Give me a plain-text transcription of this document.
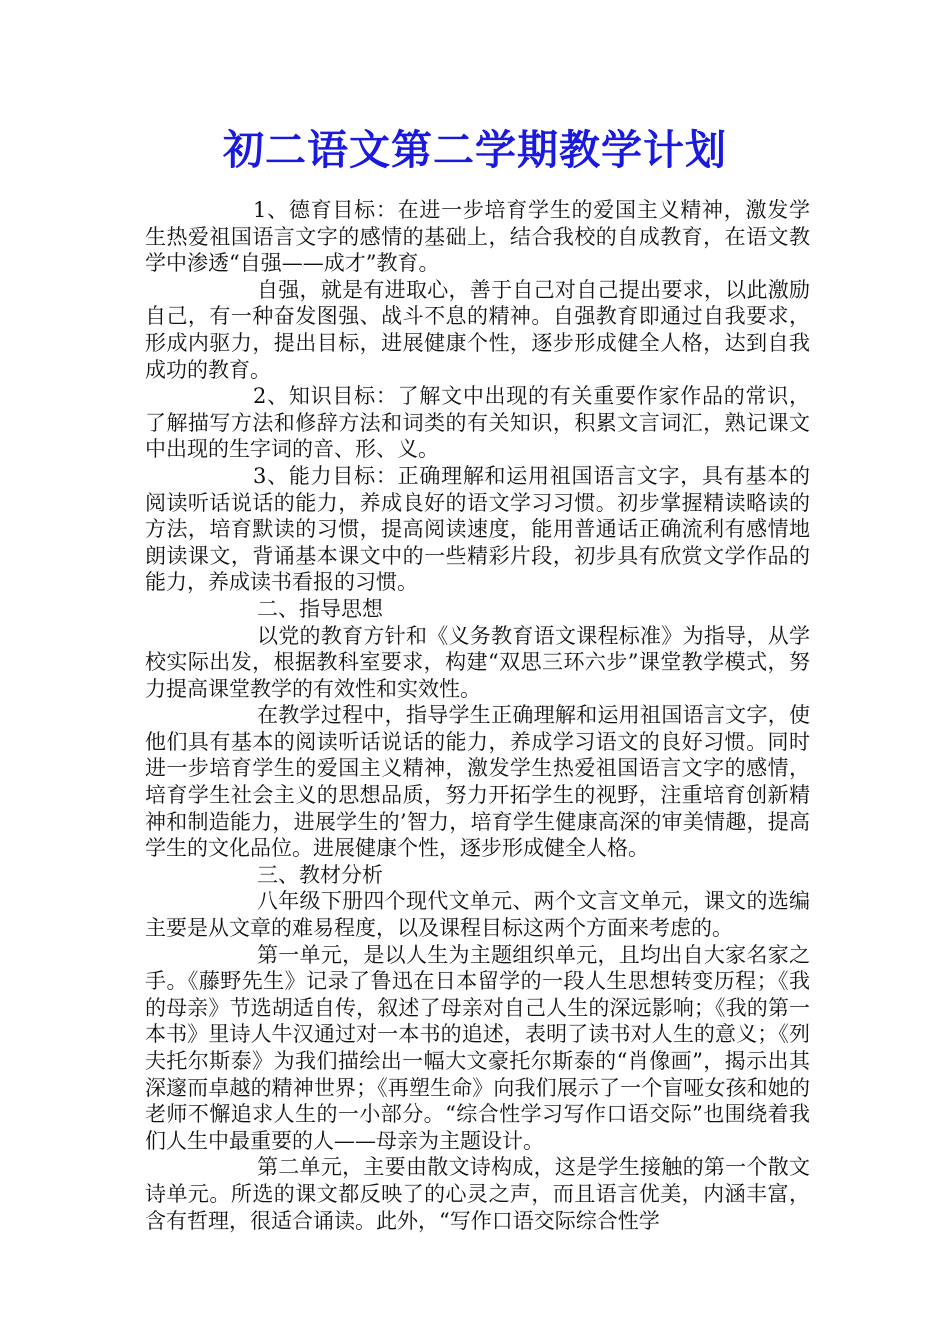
初二语文第二学期教学计划

1、德育目标：在进一步培育学生的爱国主义精神，激发学生热爱祖国语言文字的感情的基础上，结合我校的自成教育，在语文教学中渗透“自强——成才”教育。

自强，就是有进取心，善于自己对自己提出要求，以此激励自己，有一种奋发图强、战斗不息的精神。自强教育即通过自我要求，形成内驱力，提出目标，进展健康个性，逐步形成健全人格，达到自我成功的教育。

2、知识目标：了解文中出现的有关重要作家作品的常识，了解描写方法和修辞方法和词类的有关知识，积累文言词汇，熟记课文中出现的生字词的音、形、义。

3、能力目标：正确理解和运用祖国语言文字，具有基本的阅读听话说话的能力，养成良好的语文学习习惯。初步掌握精读略读的方法，培育默读的习惯，提高阅读速度，能用普通话正确流利有感情地朗读课文，背诵基本课文中的一些精彩片段，初步具有欣赏文学作品的能力，养成读书看报的习惯。

二、指导思想

以党的教育方针和《义务教育语文课程标准》为指导，从学校实际出发，根据教科室要求，构建“双思三环六步”课堂教学模式，努力提高课堂教学的有效性和实效性。

在教学过程中，指导学生正确理解和运用祖国语言文字，使他们具有基本的阅读听话说话的能力，养成学习语文的良好习惯。同时进一步培育学生的爱国主义精神，激发学生热爱祖国语言文字的感情，培育学生社会主义的思想品质，努力开拓学生的视野，注重培育创新精神和制造能力，进展学生的’智力，培育学生健康高深的审美情趣，提高学生的文化品位。进展健康个性，逐步形成健全人格。

三、教材分析

八年级下册四个现代文单元、两个文言文单元，课文的选编主要是从文章的难易程度，以及课程目标这两个方面来考虑的。

第一单元，是以人生为主题组织单元，且均出自大家名家之手。《藤野先生》记录了鲁迅在日本留学的一段人生思想转变历程；《我的母亲》节选胡适自传，叙述了母亲对自己人生的深远影响；《我的第一本书》里诗人牛汉通过对一本书的追述，表明了读书对人生的意义；《列夫托尔斯泰》为我们描绘出一幅大文豪托尔斯泰的“肖像画”，揭示出其深邃而卓越的精神世界；《再塑生命》向我们展示了一个盲哑女孩和她的老师不懈追求人生的一小部分。“综合性学习写作口语交际”也围绕着我们人生中最重要的人——母亲为主题设计。

第二单元，主要由散文诗构成，这是学生接触的第一个散文诗单元。所选的课文都反映了的心灵之声，而且语言优美，内涵丰富，含有哲理，很适合诵读。此外，“写作口语交际综合性学
